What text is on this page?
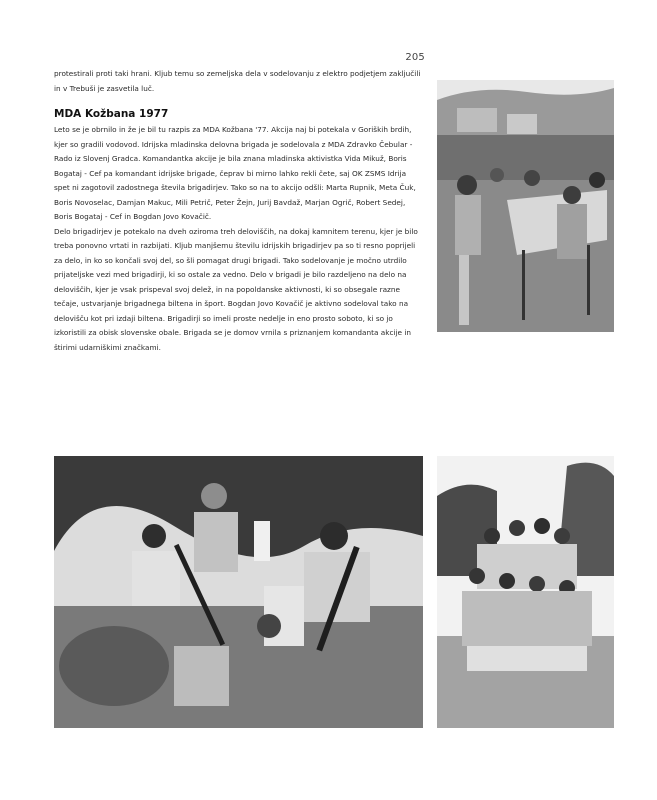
205

protestirali proti taki hrani. Kljub temu so zemeljska dela v sodelovanju z elektro podjetjem zaključili in v Trebuši je zasvetila luč.

MDA Kožbana 1977

Leto se je obrnilo in že je bil tu razpis za MDA Kožbana '77. Akcija naj bi potekala v Goriških brdih, kjer so gradili vodovod. Idrijska mladinska delovna brigada je sodelovala z MDA Zdravko Čebular - Rado iz Slovenj Gradca. Komandantka akcije je bila znana mladinska aktivistka Vida Mikuž, Boris Bogataj - Cef pa komandant idrijske brigade, čeprav bi mirno lahko rekli čete, saj OK ZSMS Idrija spet ni zagotovil zadostnega števila brigadirjev. Tako so na to akcijo odšli: Marta Rupnik, Meta Čuk, Boris Novoselac, Damjan Makuc, Mili Petrič, Peter Žejn, Jurij Bavdaž, Marjan Ogrič, Robert Sedej, Boris Bogataj - Cef in Bogdan Jovo Kovačič.

Delo brigadirjev je potekalo na dveh oziroma treh deloviščih, na dokaj kamnitem terenu, kjer je bilo treba ponovno vrtati in razbijati. Kljub manjšemu številu idrijskih brigadirjev pa so ti resno poprijeli za delo, in ko so končali svoj del, so šli pomagat drugi brigadi. Tako sodelovanje je močno utrdilo prijateljske vezi med brigadirji, ki so ostale za vedno. Delo v brigadi je bilo razdeljeno na delo na deloviščih, kjer je vsak prispeval svoj delež, in na popoldanske aktivnosti, ki so obsegale razne tečaje, ustvarjanje brigadnega biltena in šport. Bogdan Jovo Kovačič je aktivno sodeloval tako na delovišču kot pri izdaji biltena. Brigadirji so imeli proste nedelje in eno prosto soboto, ki so jo izkoristili za obisk slovenske obale. Brigada se je domov vrnila s priznanjem komandanta akcije in štirimi udarniškimi značkami.
